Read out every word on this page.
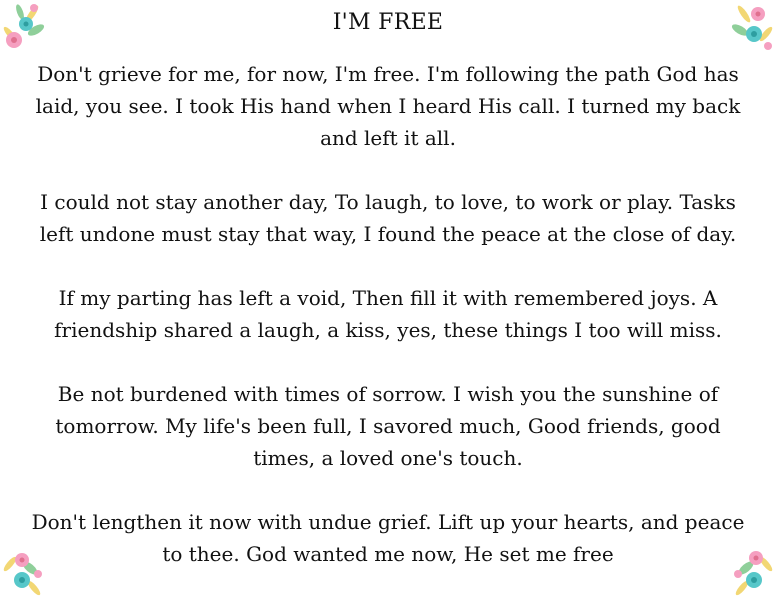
I'M FREE

Don't grieve for me, for now, I'm free. I'm following the path God has laid, you see. I took His hand when I heard His call. I turned my back and left it all.

I could not stay another day, To laugh, to love, to work or play. Tasks left undone must stay that way, I found the peace at the close of day.

If my parting has left a void, Then fill it with remembered joys. A friendship shared a laugh, a kiss, yes, these things I too will miss.

Be not burdened with times of sorrow. I wish you the sunshine of tomorrow. My life's been full, I savored much, Good friends, good times, a loved one's touch.

Don't lengthen it now with undue grief. Lift up your hearts, and peace to thee. God wanted me now, He set me free
